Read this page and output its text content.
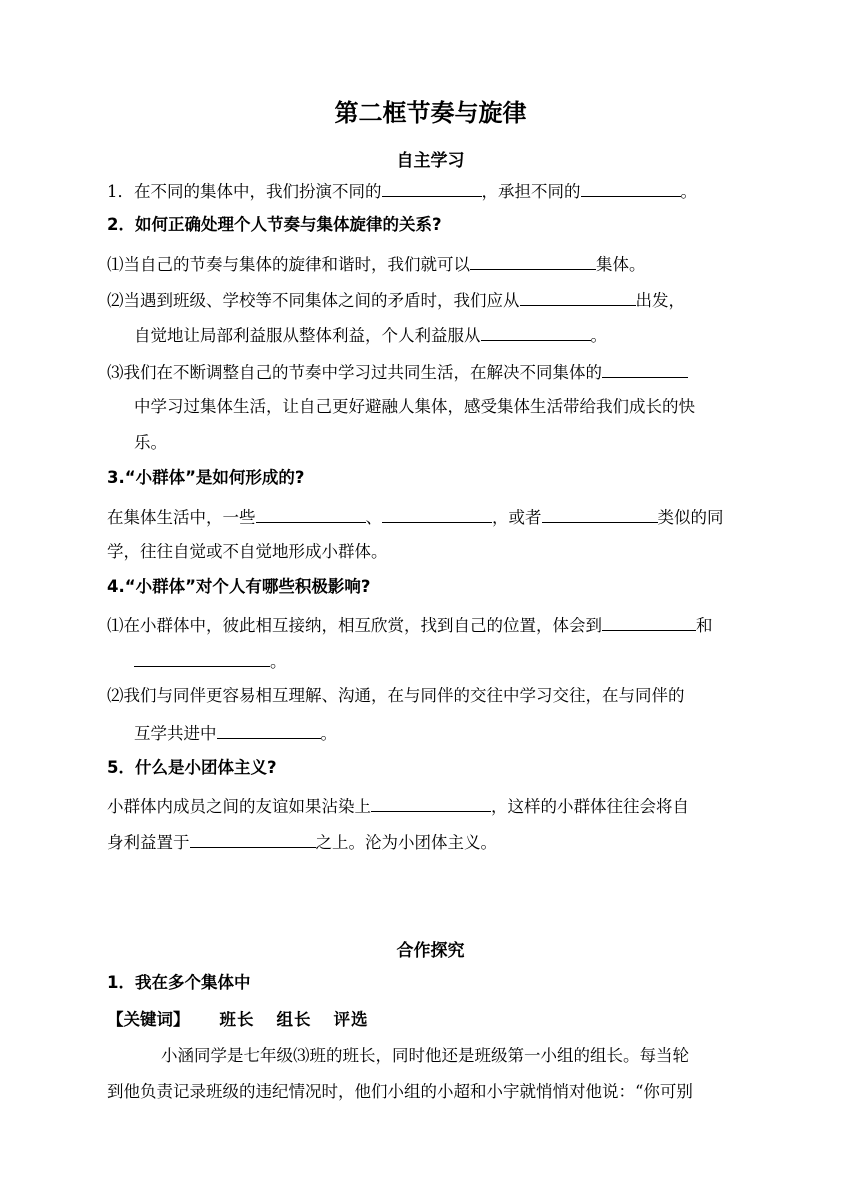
第二框节奏与旋律
自主学习
1．在不同的集体中，我们扮演不同的	，承担不同的	。
2．如何正确处理个人节奏与集体旋律的关系?
⑴当自己的节奏与集体的旋律和谐时，我们就可以	集体。
⑵当遇到班级、学校等不同集体之间的矛盾时，我们应从	出发，
自觉地让局部利益服从整体利益，个人利益服从	。
⑶我们在不断调整自己的节奏中学习过共同生活，在解决不同集体的
中学习过集体生活，让自己更好避融人集体，感受集体生活带给我们成长的快
乐。
3.“小群体”是如何形成的?
在集体生活中，一些	、	，或者	类似的同
学，往往自觉或不自觉地形成小群体。
4.“小群体”对个人有哪些积极影响?
⑴在小群体中，彼此相互接纳，相互欣赏，找到自己的位置，体会到	和
。
⑵我们与同伴更容易相互理解、沟通，在与同伴的交往中学习交往，在与同伴的
互学共进中	。
5．什么是小团体主义?
小群体内成员之间的友谊如果沾染上	，这样的小群体往往会将自
身利益置于	之上。沦为小团体主义。
合作探究
1．我在多个集体中
【关键词】 班长 组长 评选
小涵同学是七年级⑶班的班长，同时他还是班级第一小组的组长。每当轮
到他负责记录班级的违纪情况时，他们小组的小超和小宇就悄悄对他说：“你可别
